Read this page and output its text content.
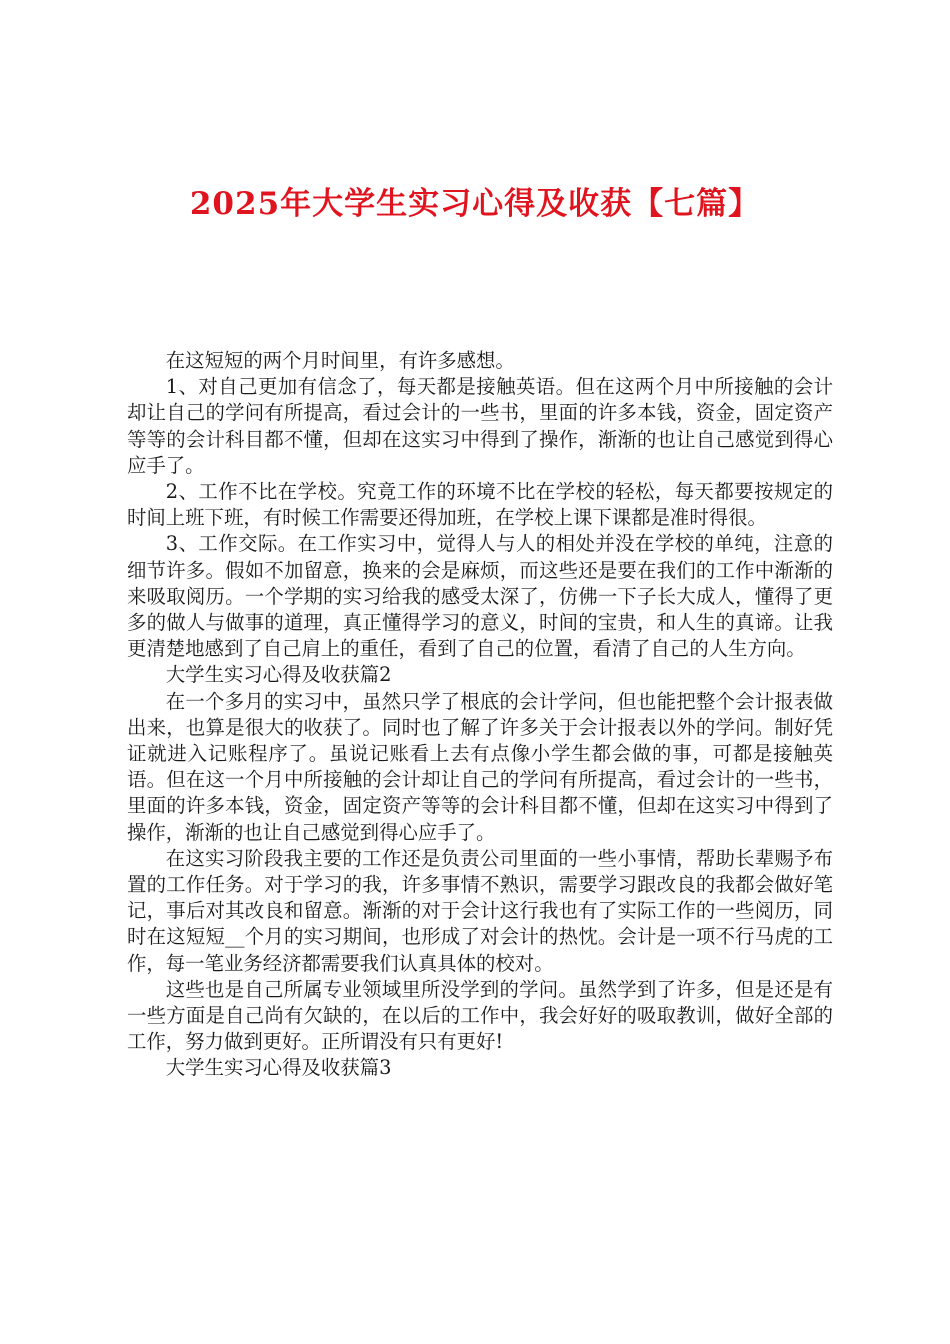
2025年大学生实习心得及收获【七篇】

在这短短的两个月时间里，有许多感想。

1、对自己更加有信念了，每天都是接触英语。但在这两个月中所接触的会计却让自己的学问有所提高，看过会计的一些书，里面的许多本钱，资金，固定资产等等的会计科目都不懂，但却在这实习中得到了操作，渐渐的也让自己感觉到得心应手了。

2、工作不比在学校。究竟工作的环境不比在学校的轻松，每天都要按规定的时间上班下班，有时候工作需要还得加班，在学校上课下课都是准时得很。

3、工作交际。在工作实习中，觉得人与人的相处并没在学校的单纯，注意的细节许多。假如不加留意，换来的会是麻烦，而这些还是要在我们的工作中渐渐的来吸取阅历。一个学期的实习给我的感受太深了，仿佛一下子长大成人，懂得了更多的做人与做事的道理，真正懂得学习的意义，时间的宝贵，和人生的真谛。让我更清楚地感到了自己肩上的重任，看到了自己的位置，看清了自己的人生方向。

大学生实习心得及收获篇2

在一个多月的实习中，虽然只学了根底的会计学问，但也能把整个会计报表做出来，也算是很大的收获了。同时也了解了许多关于会计报表以外的学问。制好凭证就进入记账程序了。虽说记账看上去有点像小学生都会做的事，可都是接触英语。但在这一个月中所接触的会计却让自己的学问有所提高，看过会计的一些书，里面的许多本钱，资金，固定资产等等的会计科目都不懂，但却在这实习中得到了操作，渐渐的也让自己感觉到得心应手了。

在这实习阶段我主要的工作还是负责公司里面的一些小事情，帮助长辈赐予布置的工作任务。对于学习的我，许多事情不熟识，需要学习跟改良的我都会做好笔记，事后对其改良和留意。渐渐的对于会计这行我也有了实际工作的一些阅历，同时在这短短__个月的实习期间，也形成了对会计的热忱。会计是一项不行马虎的工作，每一笔业务经济都需要我们认真具体的校对。

这些也是自己所属专业领域里所没学到的学问。虽然学到了许多，但是还是有一些方面是自己尚有欠缺的，在以后的工作中，我会好好的吸取教训，做好全部的工作，努力做到更好。正所谓没有只有更好!

大学生实习心得及收获篇3
